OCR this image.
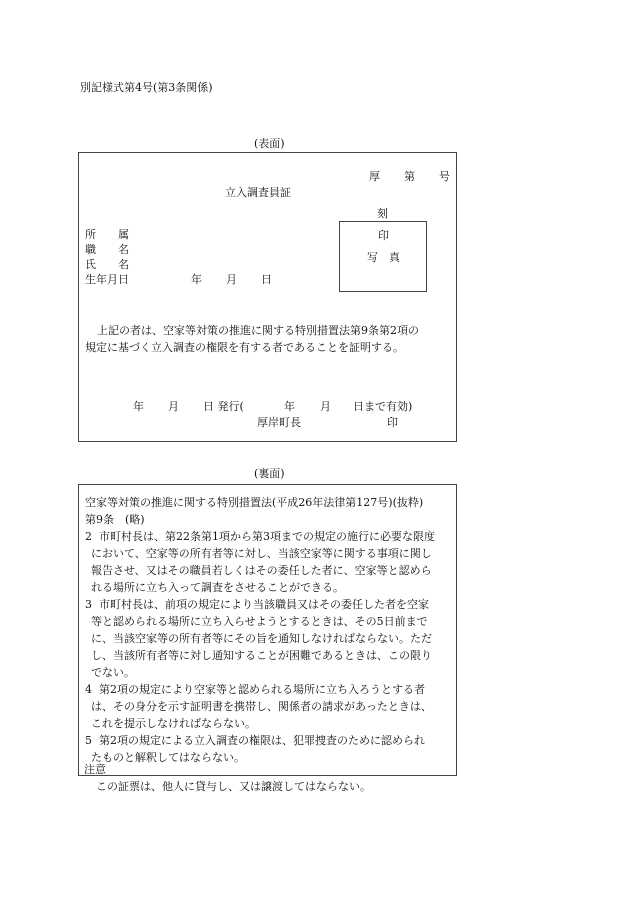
別記様式第4号(第3条関係)
(表面)
厚 第 号
立入調査員証
刻
印
写　真
所　　属
職　　名
氏　　名
生年月日	年 月 日
上記の者は、空家等対策の推進に関する特別措置法第9条第2項の
規定に基づく立入調査の権限を有する者であることを証明する。
年 月 日 発行(	年 月 日まで有効)
厚岸町長	印
(裏面)
空家等対策の推進に関する特別措置法(平成26年法律第127号)(抜粋)
第9条　(略)
2 市町村長は、第22条第1項から第3項までの規定の施行に必要な限度
において、空家等の所有者等に対し、当該空家等に関する事項に関し
報告させ、又はその職員若しくはその委任した者に、空家等と認めら
れる場所に立ち入って調査をさせることができる。
3 市町村長は、前項の規定により当該職員又はその委任した者を空家
等と認められる場所に立ち入らせようとするときは、その5日前まで
に、当該空家等の所有者等にその旨を通知しなければならない。ただ
し、当該所有者等に対し通知することが困難であるときは、この限り
でない。
4 第2項の規定により空家等と認められる場所に立ち入ろうとする者
は、その身分を示す証明書を携帯し、関係者の請求があったときは、
これを提示しなければならない。
5 第2項の規定による立入調査の権限は、犯罪捜査のために認められ
たものと解釈してはならない。
注意
この証票は、他人に貸与し、又は譲渡してはならない。
